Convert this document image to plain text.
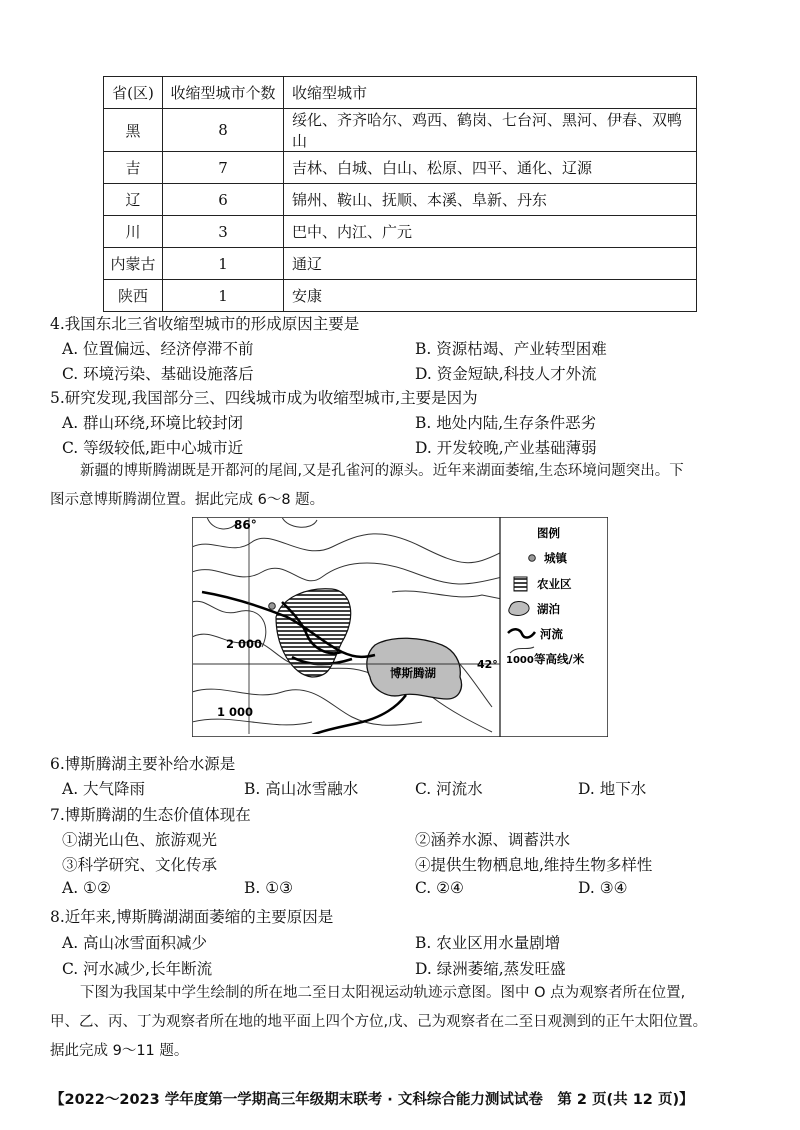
省(区)	收缩型城市个数	收缩型城市
黑	8	绥化、齐齐哈尔、鸡西、鹤岗、七台河、黑河、伊春、双鸭山
吉	7	吉林、白城、白山、松原、四平、通化、辽源
辽	6	锦州、鞍山、抚顺、本溪、阜新、丹东
川	3	巴中、内江、广元
内蒙古	1	通辽
陕西	1	安康
4.我国东北三省收缩型城市的形成原因主要是
A. 位置偏远、经济停滞不前	B. 资源枯竭、产业转型困难
C. 环境污染、基础设施落后	D. 资金短缺,科技人才外流
5.研究发现,我国部分三、四线城市成为收缩型城市,主要是因为
A. 群山环绕,环境比较封闭	B. 地处内陆,生存条件恶劣
C. 等级较低,距中心城市近	D. 开发较晚,产业基础薄弱
新疆的博斯腾湖既是开都河的尾闾,又是孔雀河的源头。近年来湖面萎缩,生态环境问题突出。下
图示意博斯腾湖位置。据此完成 6～8 题。
86°
42°
2 000
1 000
博斯腾湖
图例
城镇
农业区
湖泊
河流
1000 等高线/米
6.博斯腾湖主要补给水源是
A. 大气降雨	B. 高山冰雪融水	C. 河流水	D. 地下水
7.博斯腾湖的生态价值体现在
①湖光山色、旅游观光	②涵养水源、调蓄洪水
③科学研究、文化传承	④提供生物栖息地,维持生物多样性
A. ①②	B. ①③	C. ②④	D. ③④
8.近年来,博斯腾湖湖面萎缩的主要原因是
A. 高山冰雪面积减少	B. 农业区用水量剧增
C. 河水减少,长年断流	D. 绿洲萎缩,蒸发旺盛
下图为我国某中学生绘制的所在地二至日太阳视运动轨迹示意图。图中 O 点为观察者所在位置,
甲、乙、丙、丁为观察者所在地的地平面上四个方位,戊、己为观察者在二至日观测到的正午太阳位置。
据此完成 9～11 题。
【2022～2023 学年度第一学期高三年级期末联考 · 文科综合能力测试试卷　第 2 页(共 12 页)】
